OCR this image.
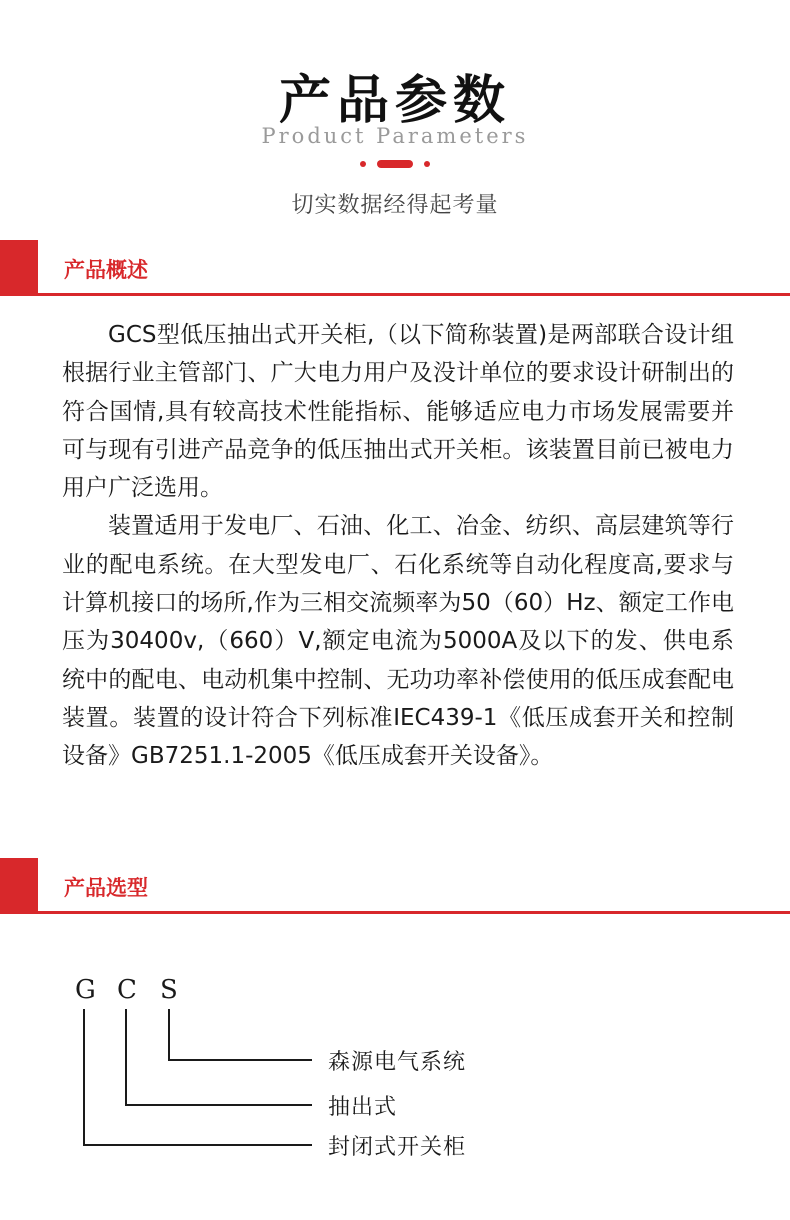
产品参数
Product Parameters
切实数据经得起考量
产品概述

GCS型低压抽出式开关柜,（以下简称装置)是两部联合设计组根据行业主管部门、广大电力用户及没计单位的要求设计研制出的符合国情,具有较高技术性能指标、能够适应电力市场发展需要并可与现有引进产品竞争的低压抽出式开关柜。该装置目前已被电力用户广泛选用。

装置适用于发电厂、石油、化工、冶金、纺织、高层建筑等行业的配电系统。在大型发电厂、石化系统等自动化程度高,要求与计算机接口的场所,作为三相交流频率为50（60）Hz、额定工作电压为30400v,（660）V,额定电流为5000A及以下的发、供电系统中的配电、电动机集中控制、无功功率补偿使用的低压成套配电装置。装置的设计符合下列标准IEC439-1《低压成套开关和控制设备》GB7251.1-2005《低压成套开关设备》。

产品选型
G C S
森源电气系统
抽出式
封闭式开关柜
